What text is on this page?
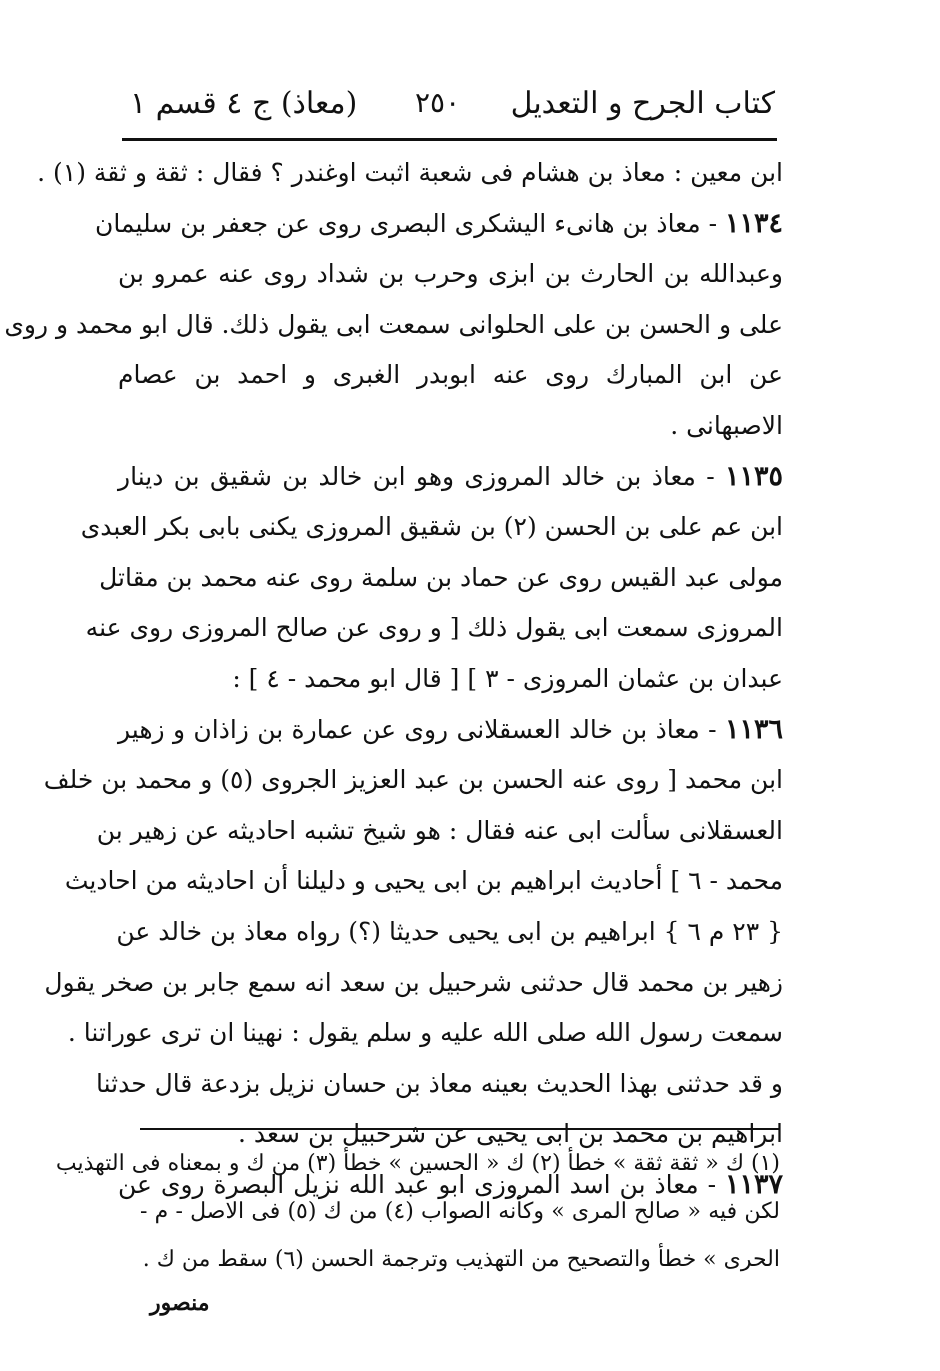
كتاب الجرح و التعديل
٢٥٠
(معاذ) ج ٤ قسم ١
ابن معين : معاذ بن هشام فى شعبة اثبت اوغندر ؟ فقال : ثقة و ثقة (١) .
١١٣٤ - معاذ بن هانىء اليشكرى البصرى روى عن جعفر بن سليمان
وعبدالله بن الحارث بن ابزى وحرب بن شداد روى عنه عمرو بن
على و الحسن بن على الحلوانى سمعت ابى يقول ذلك. قال ابو محمد و روى
عن ابن المبارك روى عنه ابوبدر الغبرى و احمد بن عصام
الاصبهانى .
١١٣٥ - معاذ بن خالد المروزى وهو ابن خالد بن شقيق بن دينار
ابن عم على بن الحسن (٢) بن شقيق المروزى يكنى بابى بكر العبدى
مولى عبد القيس روى عن حماد بن سلمة روى عنه محمد بن مقاتل
المروزى سمعت ابى يقول ذلك [ و روى عن صالح المروزى روى عنه
عبدان بن عثمان المروزى - ٣ ] [ قال ابو محمد - ٤ ] :
١١٣٦ - معاذ بن خالد العسقلانى روى عن عمارة بن زاذان و زهير
ابن محمد [ روى عنه الحسن بن عبد العزيز الجروى (٥) و محمد بن خلف
العسقلانى سألت ابى عنه فقال : هو شيخ تشبه احاديثه عن زهير بن
محمد - ٦ ] أحاديث ابراهيم بن ابى يحيى و دليلنا أن احاديثه من احاديث
{ ٢٣ م ٦ } ابراهيم بن ابى يحيى حديثا (؟) رواه معاذ بن خالد عن
زهير بن محمد قال حدثنى شرحبيل بن سعد انه سمع جابر بن صخر يقول
سمعت رسول الله صلى الله عليه و سلم يقول : نهينا ان ترى عوراتنا .
و قد حدثنى بهذا الحديث بعينه معاذ بن حسان نزيل بزدعة قال حدثنا
ابراهيم بن محمد بن ابى يحيى عن شرحبيل بن سعد .
١١٣٧ - معاذ بن اسد المروزى ابو عبد الله نزيل البصرة روى عن
(١) ك « ثقة ثقة » خطأ (٢) ك « الحسين » خطأ (٣) من ك و بمعناه فى التهذيب
لكن فيه « صالح المرى » وكأنه الصواب (٤) من ك (٥) فى الاصل - م -
الحرى » خطأ والتصحيح من التهذيب وترجمة الحسن (٦) سقط من ك .
منصور
